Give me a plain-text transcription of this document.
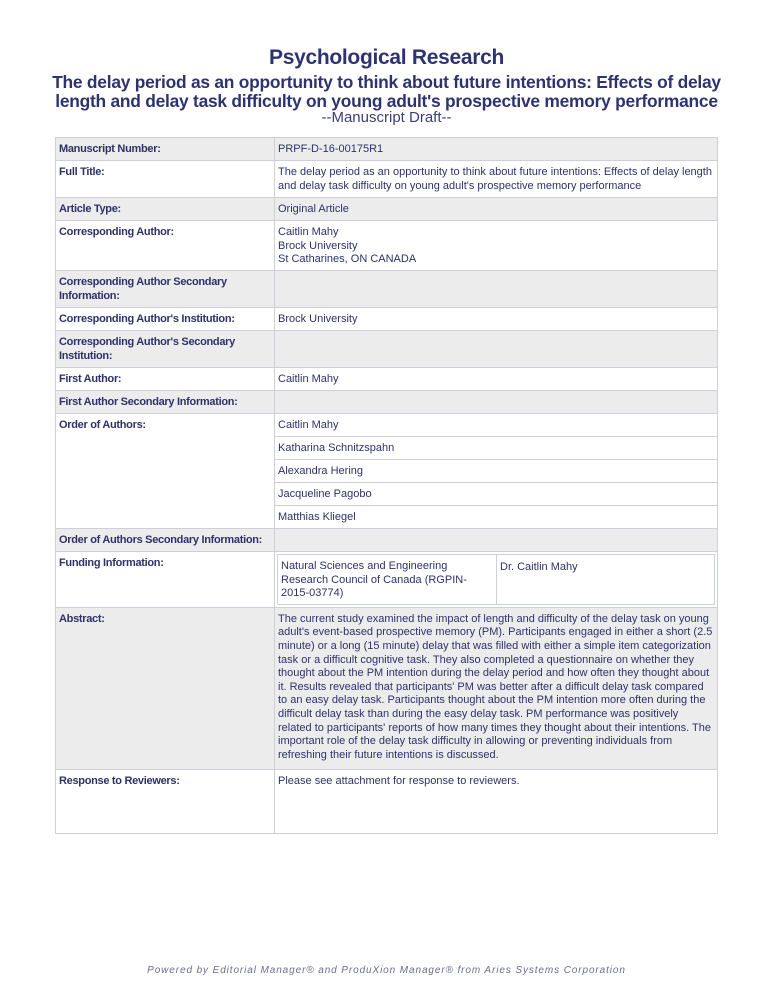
Psychological Research
The delay period as an opportunity to think about future intentions: Effects of delay length and delay task difficulty on young adult's prospective memory performance
--Manuscript Draft--
Manuscript Number:	PRPF-D-16-00175R1
Full Title:	The delay period as an opportunity to think about future intentions: Effects of delay length and delay task difficulty on young adult's prospective memory performance
Article Type:	Original Article
Corresponding Author:	Caitlin Mahy
Brock University
St Catharines, ON CANADA

Corresponding Author Secondary Information:	
Corresponding Author's Institution:	Brock University
Corresponding Author's Secondary Institution:	
First Author:	Caitlin Mahy
First Author Secondary Information:	
Order of Authors:	Caitlin Mahy
Katharina Schnitzspahn
Alexandra Hering
Jacqueline Pagobo
Matthias Kliegel
Order of Authors Secondary Information:	
Funding Information:		Natural Sciences and Engineering Research Council of Canada (RGPIN-2015-03774)	Dr. Caitlin Mahy

Abstract:	The current study examined the impact of length and difficulty of the delay task on young adult's event-based prospective memory (PM). Participants engaged in either a short (2.5 minute) or a long (15 minute) delay that was filled with either a simple item categorization task or a difficult cognitive task. They also completed a questionnaire on whether they thought about the PM intention during the delay period and how often they thought about it. Results revealed that participants' PM was better after a difficult delay task compared to an easy delay task. Participants thought about the PM intention more often during the difficult delay task than during the easy delay task. PM performance was positively related to participants' reports of how many times they thought about their intentions. The important role of the delay task difficulty in allowing or preventing individuals from refreshing their future intentions is discussed.
Response to Reviewers:	Please see attachment for response to reviewers.
Powered by Editorial Manager® and ProduXion Manager® from Aries Systems Corporation
